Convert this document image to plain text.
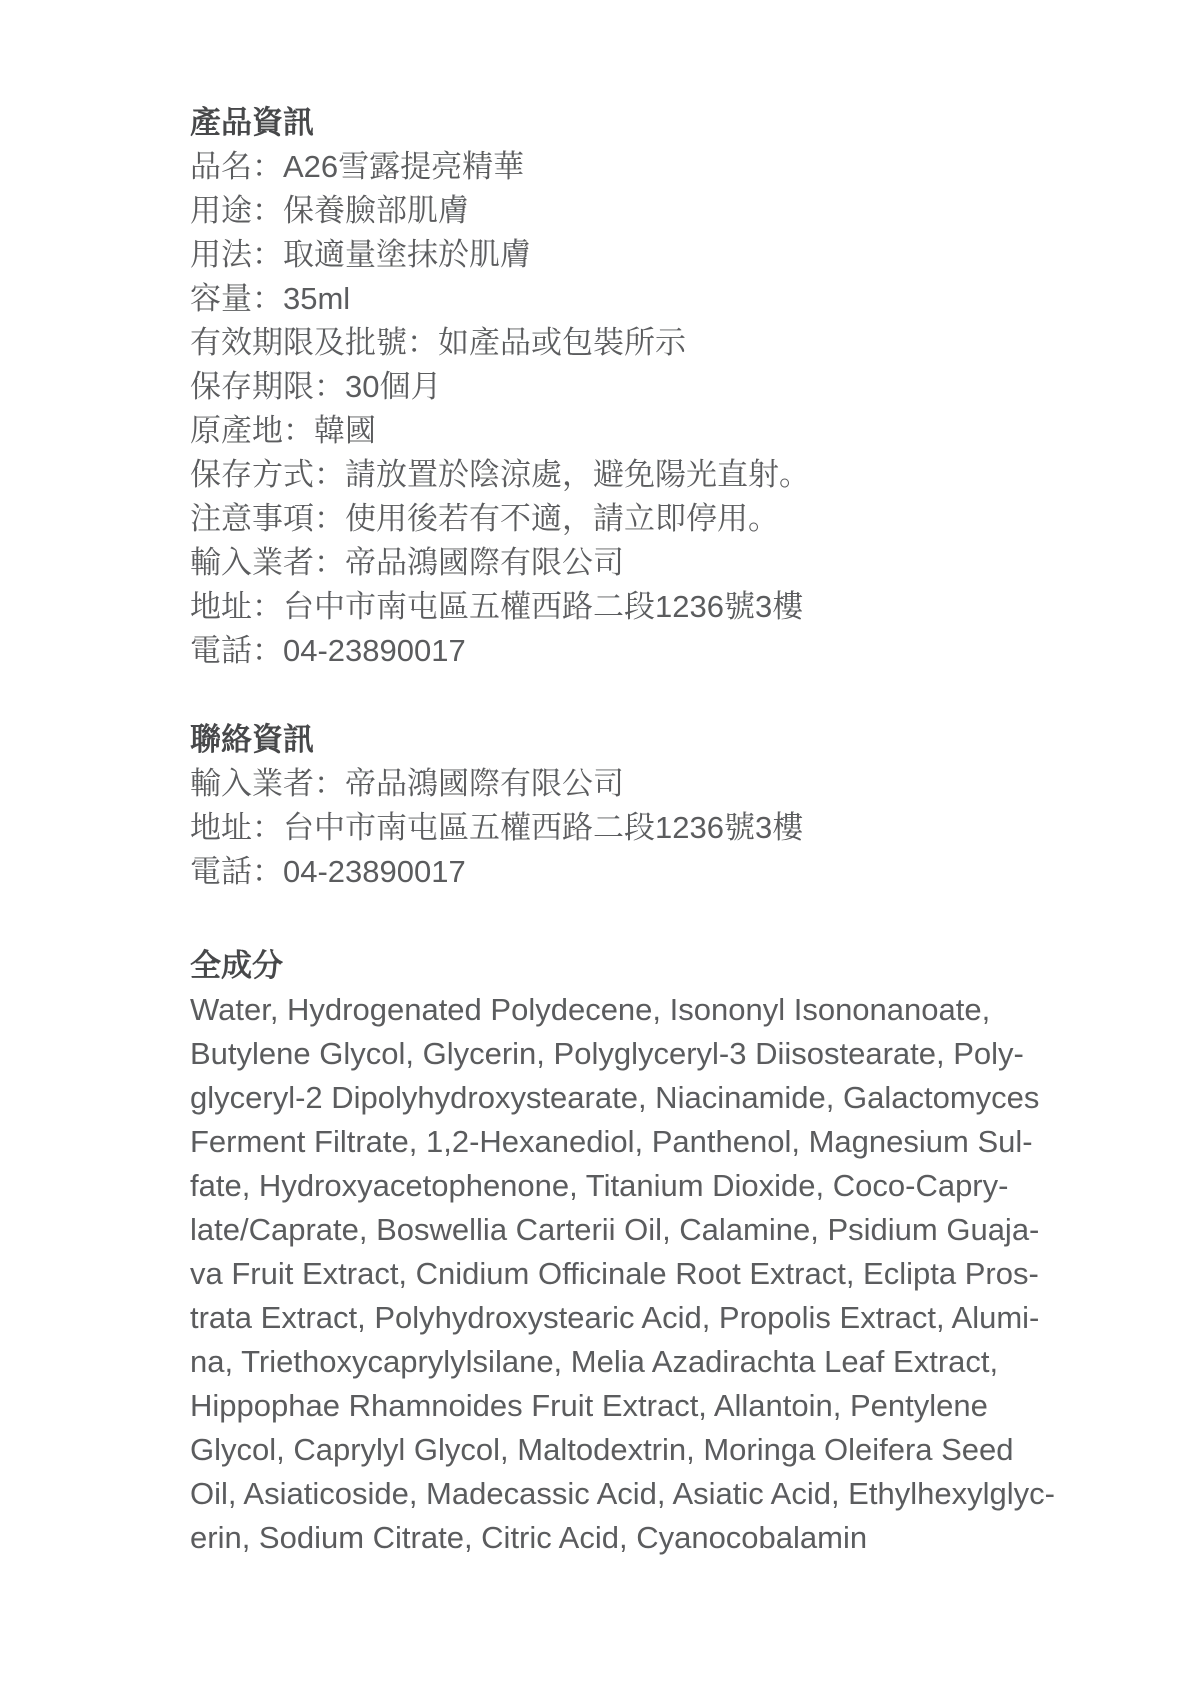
產品資訊
品名：A26雪露提亮精華
用途：保養臉部肌膚
用法：取適量塗抹於肌膚
容量：35ml
有效期限及批號：如產品或包裝所示
保存期限：30個月
原產地：韓國
保存方式：請放置於陰涼處，避免陽光直射。
注意事項：使用後若有不適，請立即停用。
輸入業者：帝品鴻國際有限公司
地址：台中市南屯區五權西路二段1236號3樓
電話：04-23890017
聯絡資訊
輸入業者：帝品鴻國際有限公司
地址：台中市南屯區五權西路二段1236號3樓
電話：04-23890017
全成分
Water, Hydrogenated Polydecene, Isononyl Isononanoate,
Butylene Glycol, Glycerin, Polyglyceryl-3 Diisostearate, Poly-
glyceryl-2 Dipolyhydroxystearate, Niacinamide, Galactomyces
Ferment Filtrate, 1,2-Hexanediol, Panthenol, Magnesium Sul-
fate, Hydroxyacetophenone, Titanium Dioxide, Coco-Capry-
late/Caprate, Boswellia Carterii Oil, Calamine, Psidium Guaja-
va Fruit Extract, Cnidium Officinale Root Extract, Eclipta Pros-
trata Extract, Polyhydroxystearic Acid, Propolis Extract, Alumi-
na, Triethoxycaprylylsilane, Melia Azadirachta Leaf Extract,
Hippophae Rhamnoides Fruit Extract, Allantoin, Pentylene
Glycol, Caprylyl Glycol, Maltodextrin, Moringa Oleifera Seed
Oil, Asiaticoside, Madecassic Acid, Asiatic Acid, Ethylhexylglyc-
erin, Sodium Citrate, Citric Acid, Cyanocobalamin
